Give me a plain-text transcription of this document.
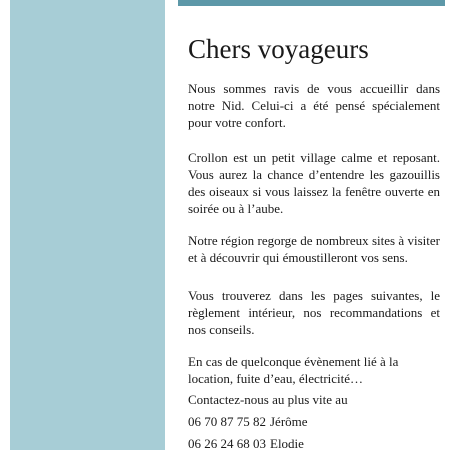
Chers voyageurs

Nous sommes ravis de vous accueillir dans notre Nid. Celui-ci a été pensé spécialement pour votre confort.

Crollon est un petit village calme et reposant. Vous aurez la chance d’entendre les gazouillis des oiseaux si vous laissez la fenêtre ouverte en soirée ou à l’aube.

Notre région regorge de nombreux sites à visiter et à découvrir qui émoustilleront vos sens.

Vous trouverez dans les pages suivantes, le règlement intérieur, nos recommandations et nos conseils.

En cas de quelconque évènement lié à la location, fuite d’eau, électricité…

Contactez-nous au plus vite au

06 70 87 75 82 Jérôme

06 26 24 68 03 Elodie
